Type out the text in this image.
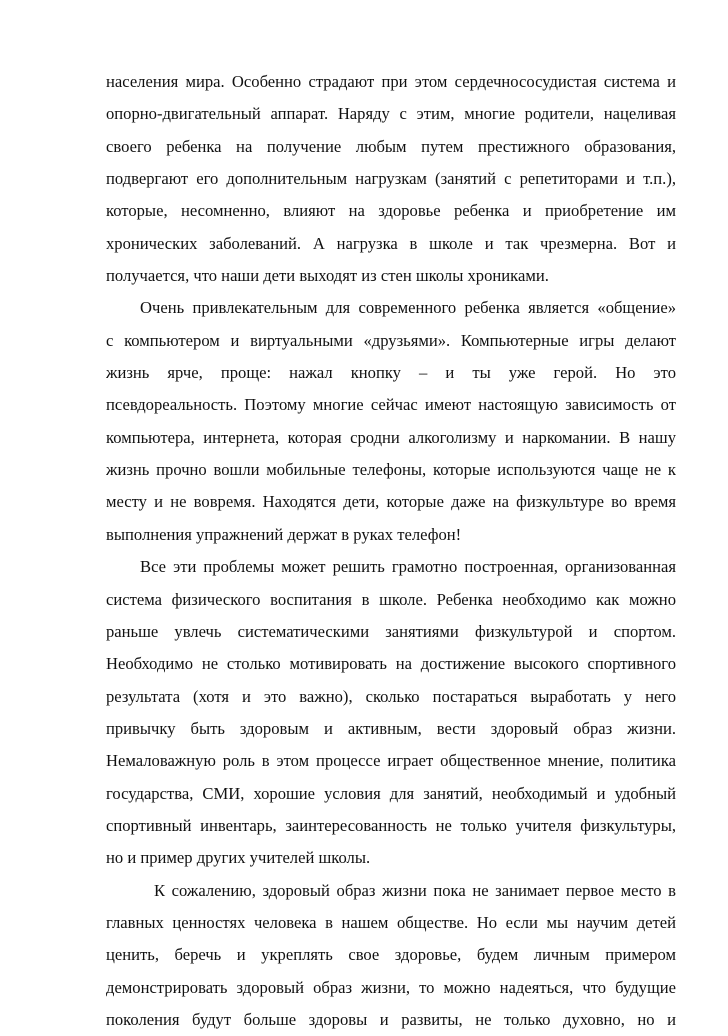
населения мира. Особенно страдают при этом сердечнососудистая система и
опорно-двигательный аппарат. Наряду с этим, многие родители, нацеливая
своего ребенка на получение любым путем престижного образования,
подвергают его дополнительным нагрузкам (занятий с репетиторами и т.п.),
которые, несомненно, влияют на здоровье ребенка и приобретение им
хронических заболеваний. А нагрузка в школе и так чрезмерна. Вот и
получается, что наши дети выходят из стен школы хрониками.
Очень привлекательным для современного ребенка является «общение»
с компьютером и виртуальными «друзьями». Компьютерные игры делают
жизнь ярче, проще: нажал кнопку – и ты уже герой. Но это
псевдореальность. Поэтому многие сейчас имеют настоящую зависимость от
компьютера, интернета, которая сродни алкоголизму и наркомании. В нашу
жизнь прочно вошли мобильные телефоны, которые используются чаще не к
месту и не вовремя. Находятся дети, которые даже на физкультуре во время
выполнения упражнений держат в руках телефон!
Все эти проблемы может решить грамотно построенная, организованная
система физического воспитания в школе. Ребенка необходимо как можно
раньше увлечь систематическими занятиями физкультурой и спортом.
Необходимо не столько мотивировать на достижение высокого спортивного
результата (хотя и это важно), сколько постараться выработать у него
привычку быть здоровым и активным, вести здоровый образ жизни.
Немаловажную роль в этом процессе играет общественное мнение, политика
государства, СМИ, хорошие условия для занятий, необходимый и удобный
спортивный инвентарь, заинтересованность не только учителя физкультуры,
но и пример других учителей школы.
К сожалению, здоровый образ жизни пока не занимает первое место в
главных ценностях человека в нашем обществе. Но если мы научим детей
ценить, беречь и укреплять свое здоровье, будем личным примером
демонстрировать здоровый образ жизни, то можно надеяться, что будущие
поколения будут больше здоровы и развиты, не только духовно, но и
